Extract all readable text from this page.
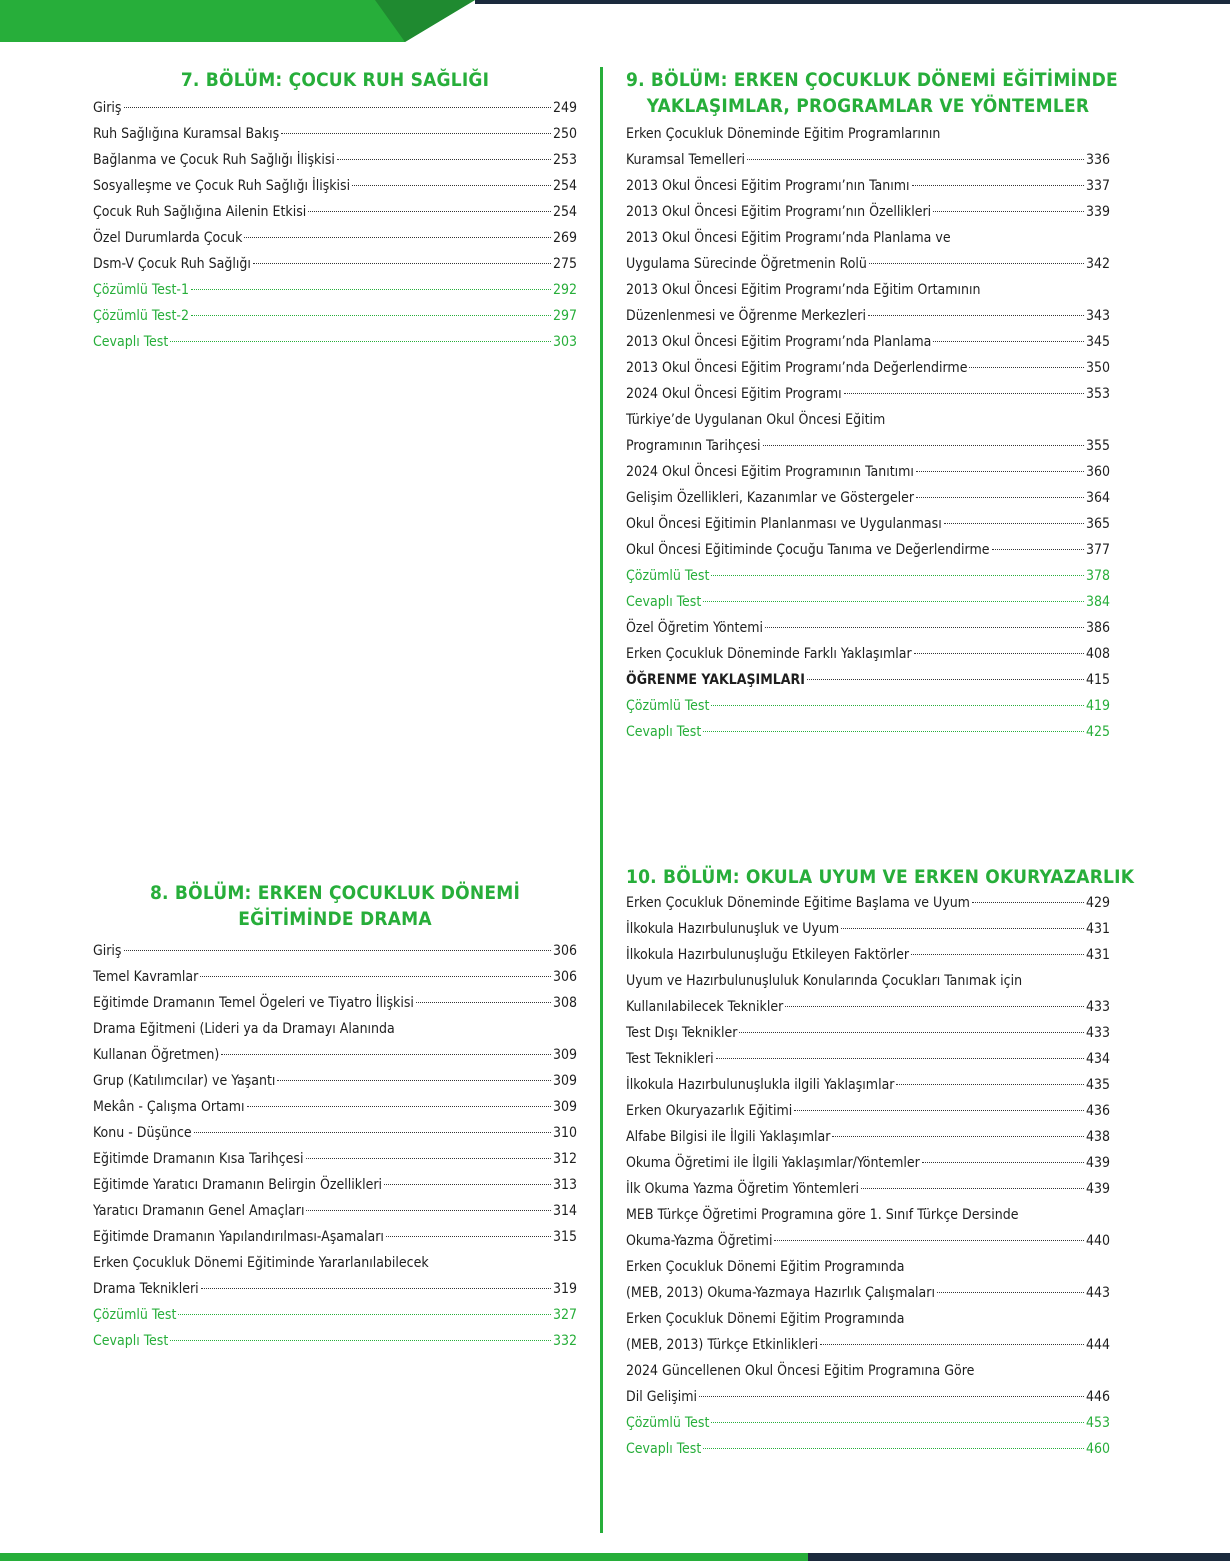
7. BÖLÜM: ÇOCUK RUH SAĞLIĞI
Giriş	249
Ruh Sağlığına Kuramsal Bakış	250
Bağlanma ve Çocuk Ruh Sağlığı İlişkisi	253
Sosyalleşme ve Çocuk Ruh Sağlığı İlişkisi	254
Çocuk Ruh Sağlığına Ailenin Etkisi	254
Özel Durumlarda Çocuk	269
Dsm-V Çocuk Ruh Sağlığı	275
Çözümlü Test-1	292
Çözümlü Test-2	297
Cevaplı Test	303
8. BÖLÜM: ERKEN ÇOCUKLUK DÖNEMİ
EĞİTİMİNDE DRAMA
Giriş	306
Temel Kavramlar	306
Eğitimde Dramanın Temel Ögeleri ve Tiyatro İlişkisi	308
Drama Eğitmeni (Lideri ya da Dramayı Alanında
Kullanan Öğretmen)	309
Grup (Katılımcılar) ve Yaşantı	309
Mekân - Çalışma Ortamı	309
Konu - Düşünce	310
Eğitimde Dramanın Kısa Tarihçesi	312
Eğitimde Yaratıcı Dramanın Belirgin Özellikleri	313
Yaratıcı Dramanın Genel Amaçları	314
Eğitimde Dramanın Yapılandırılması-Aşamaları	315
Erken Çocukluk Dönemi Eğitiminde Yararlanılabilecek
Drama Teknikleri	319
Çözümlü Test	327
Cevaplı Test	332
9. BÖLÜM: ERKEN ÇOCUKLUK DÖNEMİ EĞİTİMİNDE
YAKLAŞIMLAR, PROGRAMLAR VE YÖNTEMLER
Erken Çocukluk Döneminde Eğitim Programlarının
Kuramsal Temelleri	336
2013 Okul Öncesi Eğitim Programı’nın Tanımı	337
2013 Okul Öncesi Eğitim Programı’nın Özellikleri	339
2013 Okul Öncesi Eğitim Programı’nda Planlama ve
Uygulama Sürecinde Öğretmenin Rolü	342
2013 Okul Öncesi Eğitim Programı’nda Eğitim Ortamının
Düzenlenmesi ve Öğrenme Merkezleri	343
2013 Okul Öncesi Eğitim Programı’nda Planlama	345
2013 Okul Öncesi Eğitim Programı’nda Değerlendirme	350
2024 Okul Öncesi Eğitim Programı	353
Türkiye’de Uygulanan Okul Öncesi Eğitim
Programının Tarihçesi	355
2024 Okul Öncesi Eğitim Programının Tanıtımı	360
Gelişim Özellikleri, Kazanımlar ve Göstergeler	364
Okul Öncesi Eğitimin Planlanması ve Uygulanması	365
Okul Öncesi Eğitiminde Çocuğu Tanıma ve Değerlendirme	377
Çözümlü Test	378
Cevaplı Test	384
Özel Öğretim Yöntemi	386
Erken Çocukluk Döneminde Farklı Yaklaşımlar	408
ÖĞRENME YAKLAŞIMLARI	415
Çözümlü Test	419
Cevaplı Test	425
10. BÖLÜM: OKULA UYUM VE ERKEN OKURYAZARLIK
Erken Çocukluk Döneminde Eğitime Başlama ve Uyum	429
İlkokula Hazırbulunuşluk ve Uyum	431
İlkokula Hazırbulunuşluğu Etkileyen Faktörler	431
Uyum ve Hazırbulunuşluluk Konularında Çocukları Tanımak için
Kullanılabilecek Teknikler	433
Test Dışı Teknikler	433
Test Teknikleri	434
İlkokula Hazırbulunuşlukla ilgili Yaklaşımlar	435
Erken Okuryazarlık Eğitimi	436
Alfabe Bilgisi ile İlgili Yaklaşımlar	438
Okuma Öğretimi ile İlgili Yaklaşımlar/Yöntemler	439
İlk Okuma Yazma Öğretim Yöntemleri	439
MEB Türkçe Öğretimi Programına göre 1. Sınıf Türkçe Dersinde
Okuma-Yazma Öğretimi	440
Erken Çocukluk Dönemi Eğitim Programında
(MEB, 2013) Okuma-Yazmaya Hazırlık Çalışmaları	443
Erken Çocukluk Dönemi Eğitim Programında
(MEB, 2013) Türkçe Etkinlikleri	444
2024 Güncellenen Okul Öncesi Eğitim Programına Göre
Dil Gelişimi	446
Çözümlü Test	453
Cevaplı Test	460
